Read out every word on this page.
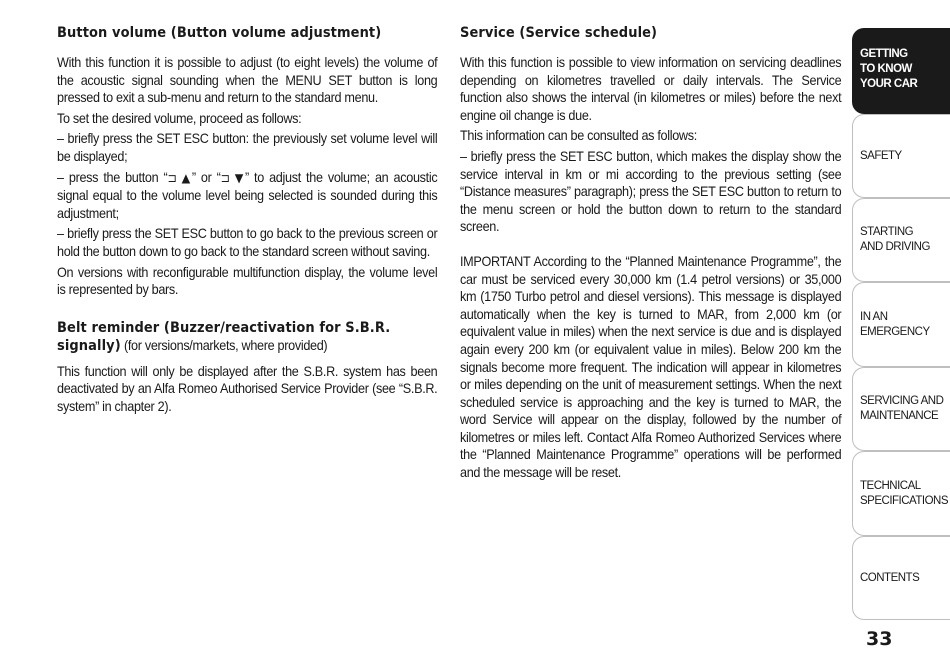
Button volume (Button volume adjustment)

With this function it is possible to adjust (to eight levels) the volume of the acoustic signal sounding when the MENU SET button is long pressed to exit a sub-menu and return to the standard menu.

To set the desired volume, proceed as follows:

– briefly press the SET ESC button: the previously set volume level will be displayed;

– press the button “⊐ ▲” or “⊐ ▼” to adjust the volume; an acoustic signal equal to the volume level being selected is sounded during this adjustment;

– briefly press the SET ESC button to go back to the previous screen or hold the button down to go back to the standard screen without saving.

On versions with reconfigurable multifunction display, the volume level is represented by bars.

Belt reminder (Buzzer/reactivation for S.B.R. signally) (for versions/markets, where provided)

This function will only be displayed after the S.B.R. system has been deactivated by an Alfa Romeo Authorised Service Provider (see “S.B.R. system” in chapter 2).

Service (Service schedule)

With this function is possible to view information on servicing deadlines depending on kilometres travelled or daily intervals. The Service function also shows the interval (in kilometres or miles) before the next engine oil change is due.

This information can be consulted as follows:

– briefly press the SET ESC button, which makes the display show the service interval in km or mi according to the previous setting (see “Distance measures” paragraph); press the SET ESC button to return to the menu screen or hold the button down to return to the standard screen.

IMPORTANT According to the “Planned Maintenance Programme”, the car must be serviced every 30,000 km (1.4 petrol versions) or 35,000 km (1750 Turbo petrol and diesel versions). This message is displayed automatically when the key is turned to MAR, from 2,000 km (or equivalent value in miles) when the next service is due and is displayed again every 200 km (or equivalent value in miles). Below 200 km the signals become more frequent. The indication will appear in kilometres or miles depending on the unit of measurement settings. When the next scheduled service is approaching and the key is turned to MAR, the word Service will appear on the display, followed by the number of kilometres or miles left. Contact Alfa Romeo Authorized Services where the “Planned Maintenance Programme” operations will be performed and the message will be reset.

GETTING
TO KNOW
YOUR CAR
SAFETY
STARTING
AND DRIVING
IN AN
EMERGENCY
SERVICING AND
MAINTENANCE
TECHNICAL
SPECIFICATIONS
CONTENTS
33
